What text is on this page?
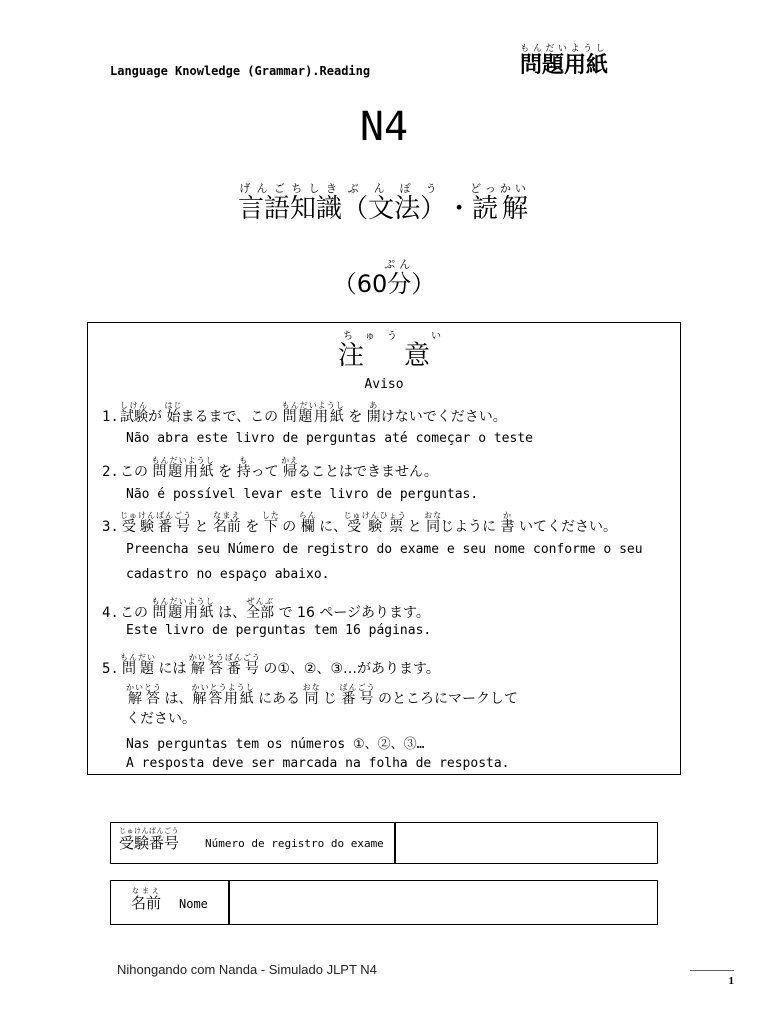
Language Knowledge (Grammar).Reading	問題用紙もんだいようし
N4
言語知識げんごちしき（文法）ぶんぽう・読解どっかい
（60分ぷん）
注ちゅう意い
Aviso
1.試験しけんが 始はじまるまで、この 問題用紙もんだいようし を 開あけないでください。
Não abra este livro de perguntas até começar o teste
2.この 問題用紙もんだいようし を 持もって 帰かえることはできません。
Não é possível levar este livro de perguntas.
3.受験番号じゅけんばんごう と 名前なまえ を 下した の 欄らん に、受験票じゅけんひょう と 同おなじように 書か いてください。
Preencha seu Número de registro do exame e seu nome conforme o seu
cadastro no espaço abaixo.
4.この 問題用紙もんだいようし は、全部ぜんぶ で 16 ページあります。
Este livro de perguntas tem 16 páginas.
5.問題もんだい には 解答番号かいとうばんごう の①、②、③…があります。
解答かいとう は、解答用紙かいとうようし にある 同おな じ 番号ばんごう のところにマークして
ください。
Nas perguntas tem os números ①、②、③…
A resposta deve ser marcada na folha de resposta.
受験番号じゅけんばんごう
Número de registro do exame
名前なまえ
Nome
Nihongando com Nanda - Simulado JLPT N4
1
